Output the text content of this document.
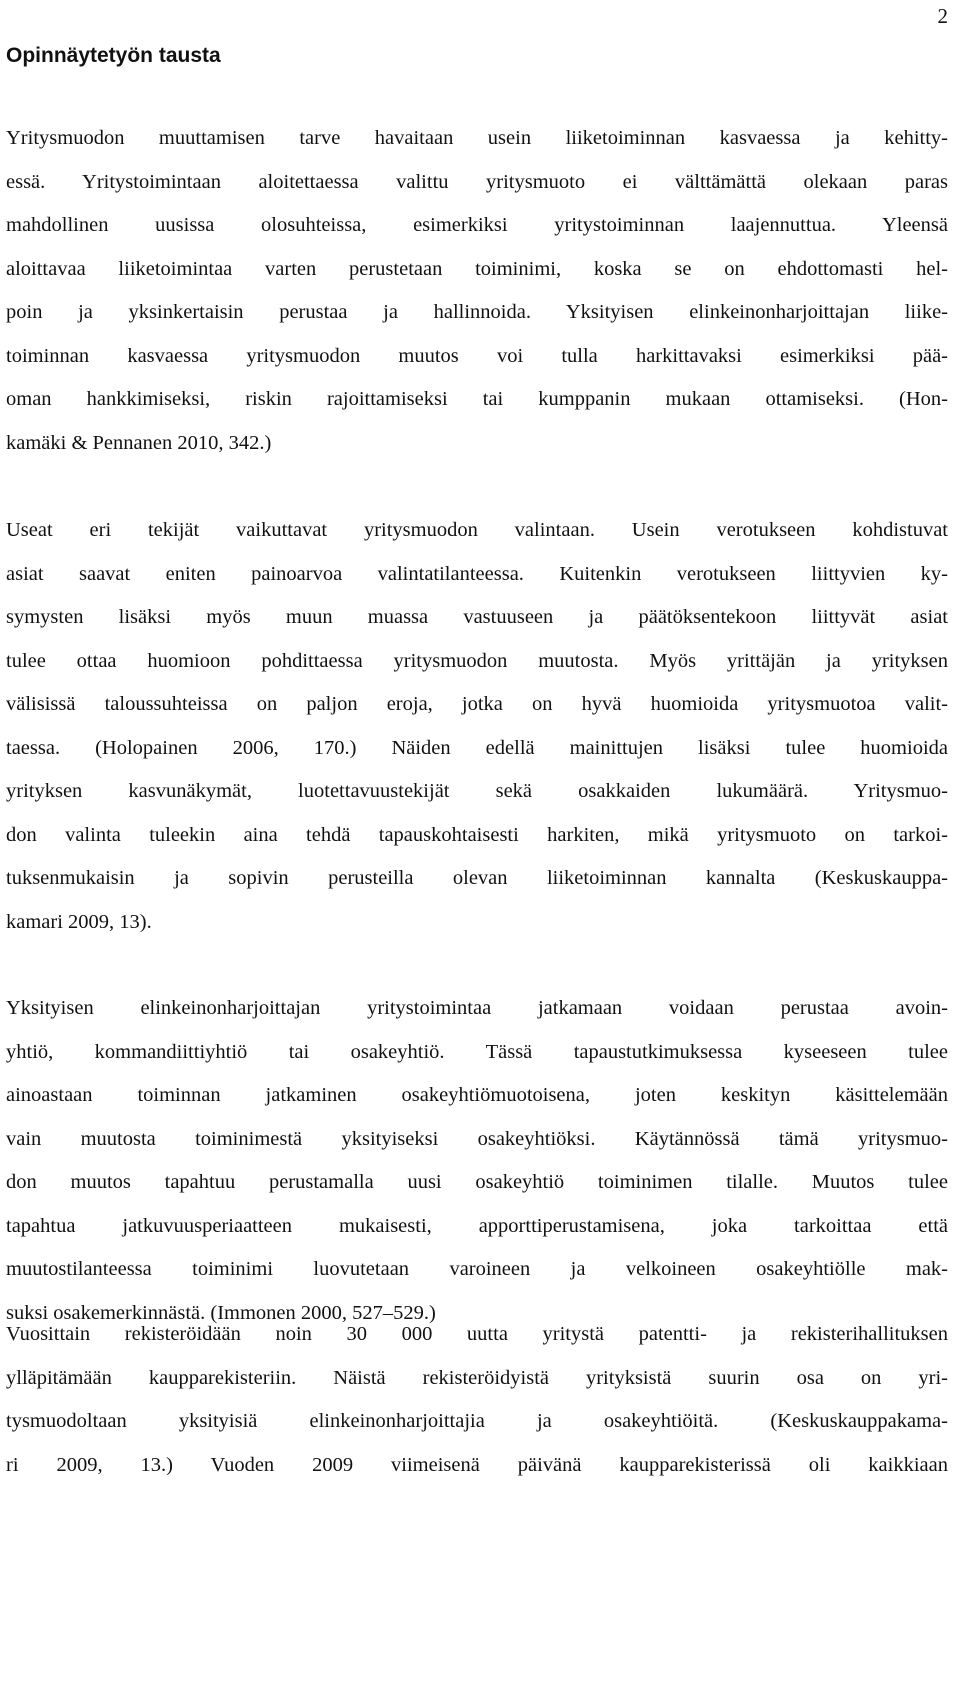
2
Opinnäytetyön tausta
Yritysmuodon muuttamisen tarve havaitaan usein liiketoiminnan kasvaessa ja kehitty-
essä. Yritystoimintaan aloitettaessa valittu yritysmuoto ei välttämättä olekaan paras
mahdollinen uusissa olosuhteissa, esimerkiksi yritystoiminnan laajennuttua. Yleensä
aloittavaa liiketoimintaa varten perustetaan toiminimi, koska se on ehdottomasti hel-
poin ja yksinkertaisin perustaa ja hallinnoida. Yksityisen elinkeinonharjoittajan liike-
toiminnan kasvaessa yritysmuodon muutos voi tulla harkittavaksi esimerkiksi pää-
oman hankkimiseksi, riskin rajoittamiseksi tai kumppanin mukaan ottamiseksi. (Hon-
kamäki & Pennanen 2010, 342.)
Useat eri tekijät vaikuttavat yritysmuodon valintaan. Usein verotukseen kohdistuvat
asiat saavat eniten painoarvoa valintatilanteessa. Kuitenkin verotukseen liittyvien ky-
symysten lisäksi myös muun muassa vastuuseen ja päätöksentekoon liittyvät asiat
tulee ottaa huomioon pohdittaessa yritysmuodon muutosta. Myös yrittäjän ja yrityksen
välisissä taloussuhteissa on paljon eroja, jotka on hyvä huomioida yritysmuotoa valit-
taessa. (Holopainen 2006, 170.) Näiden edellä mainittujen lisäksi tulee huomioida
yrityksen kasvunäkymät, luotettavuustekijät sekä osakkaiden lukumäärä. Yritysmuo-
don valinta tuleekin aina tehdä tapauskohtaisesti harkiten, mikä yritysmuoto on tarkoi-
tuksenmukaisin ja sopivin perusteilla olevan liiketoiminnan kannalta (Keskuskauppa-
kamari 2009, 13).
Yksityisen elinkeinonharjoittajan yritystoimintaa jatkamaan voidaan perustaa avoin-
yhtiö, kommandiittiyhtiö tai osakeyhtiö. Tässä tapaustutkimuksessa kyseeseen tulee
ainoastaan toiminnan jatkaminen osakeyhtiömuotoisena, joten keskityn käsittelemään
vain muutosta toiminimestä yksityiseksi osakeyhtiöksi. Käytännössä tämä yritysmuo-
don muutos tapahtuu perustamalla uusi osakeyhtiö toiminimen tilalle. Muutos tulee
tapahtua jatkuvuusperiaatteen mukaisesti, apporttiperustamisena, joka tarkoittaa että
muutostilanteessa toiminimi luovutetaan varoineen ja velkoineen osakeyhtiölle mak-
suksi osakemerkinnästä. (Immonen 2000, 527–529.)
Vuosittain rekisteröidään noin 30 000 uutta yritystä patentti- ja rekisterihallituksen
ylläpitämään kaupparekisteriin. Näistä rekisteröidyistä yrityksistä suurin osa on yri-
tysmuodoltaan yksityisiä elinkeinonharjoittajia ja osakeyhtiöitä. (Keskuskauppakama-
ri 2009, 13.) Vuoden 2009 viimeisenä päivänä kaupparekisterissä oli kaikkiaan
